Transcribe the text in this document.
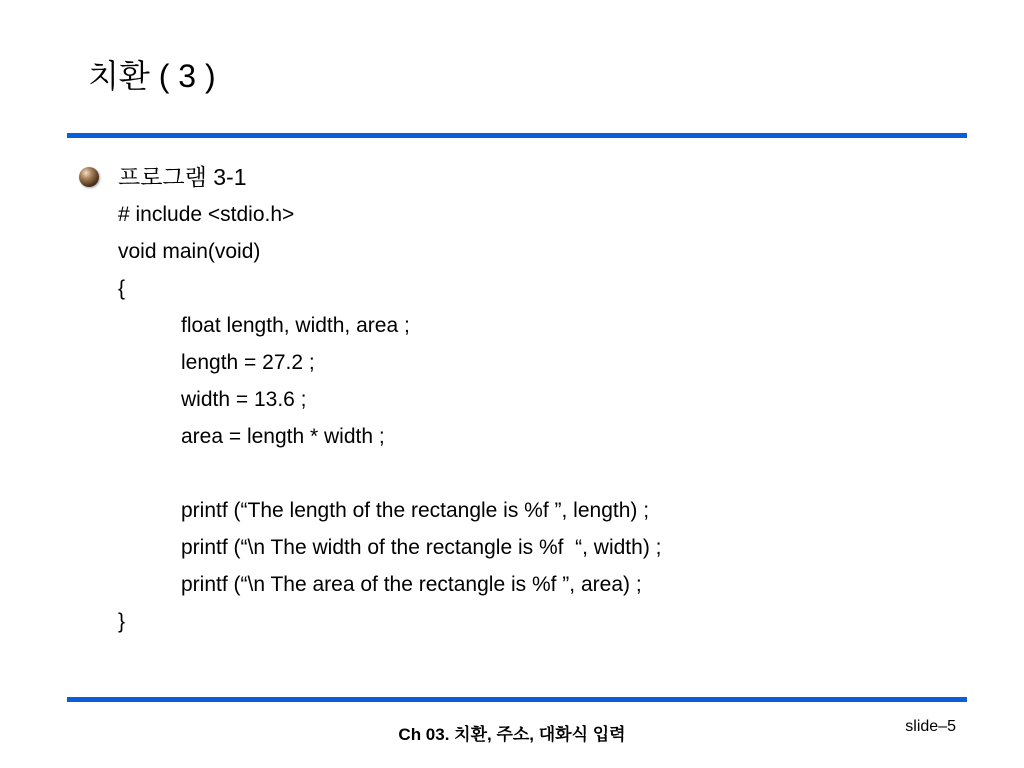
치환 ( 3 )
프로그램 3-1
# include <stdio.h>
void main(void)
{
float length, width, area ;
length = 27.2 ;
width = 13.6 ;
area = length * width ;
printf (“The length of the rectangle is %f ”, length) ;
printf (“\n The width of the rectangle is %f  “, width) ;
printf (“\n The area of the rectangle is %f ”, area) ;
}
Ch 03. 치환, 주소, 대화식 입력	slide–5
